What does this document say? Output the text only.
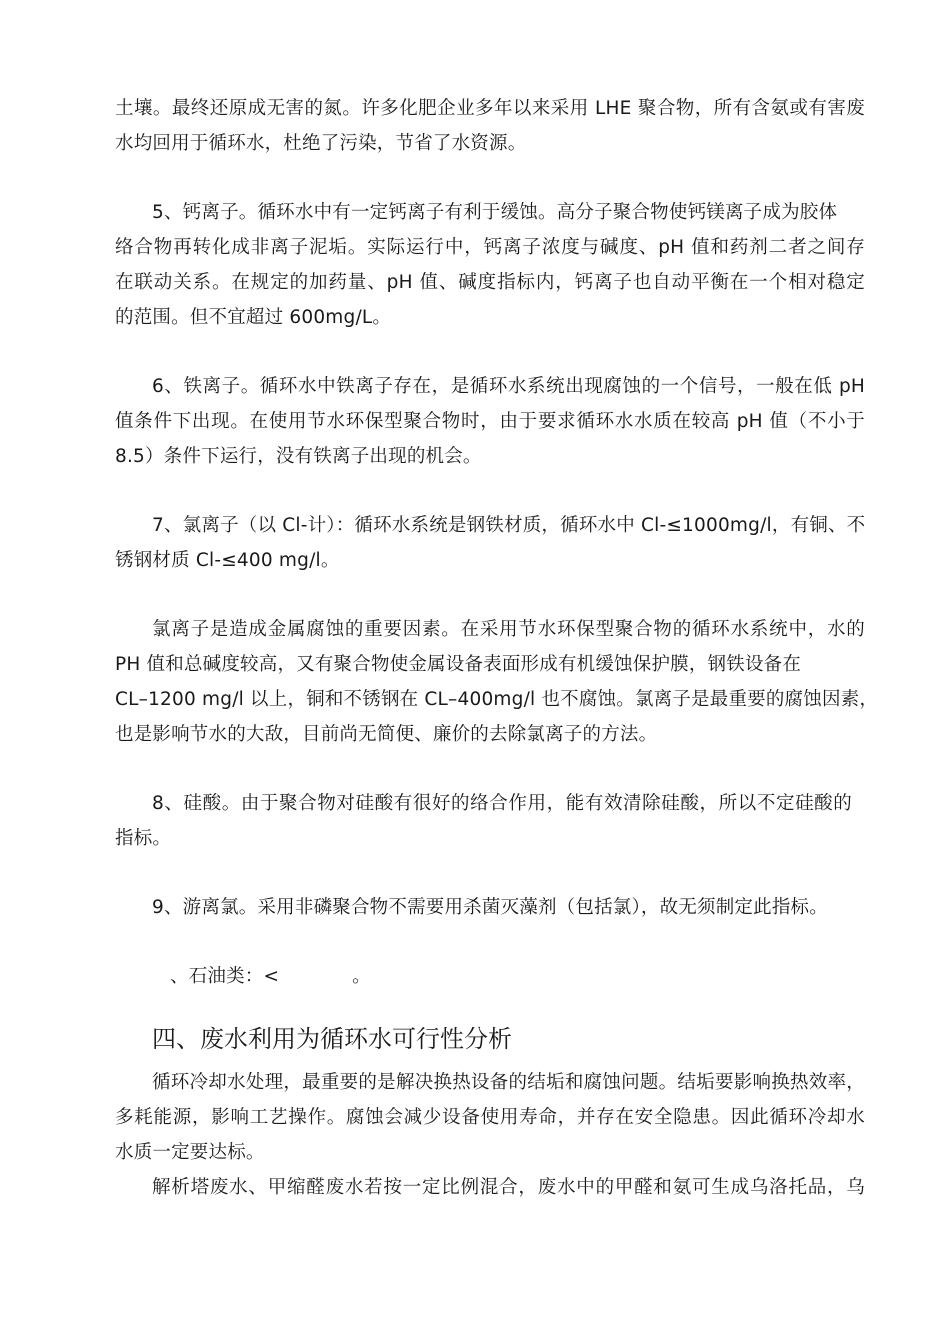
土壤。最终还原成无害的氮。许多化肥企业多年以来采用 LHE 聚合物，所有含氨或有害废
水均回用于循环水，杜绝了污染，节省了水资源。
5、钙离子。循环水中有一定钙离子有利于缓蚀。高分子聚合物使钙镁离子成为胶体
络合物再转化成非离子泥垢。实际运行中，钙离子浓度与碱度、pH 值和药剂二者之间存
在联动关系。在规定的加药量、pH 值、碱度指标内，钙离子也自动平衡在一个相对稳定
的范围。但不宜超过 600mg/L。
6、铁离子。循环水中铁离子存在，是循环水系统出现腐蚀的一个信号，一般在低 pH
值条件下出现。在使用节水环保型聚合物时，由于要求循环水水质在较高 pH 值（不小于
8.5）条件下运行，没有铁离子出现的机会。
7、氯离子（以 Cl-计）：循环水系统是钢铁材质，循环水中 Cl-≤1000mg/l，有铜、不
锈钢材质 Cl-≤400 mg/l。
氯离子是造成金属腐蚀的重要因素。在采用节水环保型聚合物的循环水系统中，水的
PH 值和总碱度较高，又有聚合物使金属设备表面形成有机缓蚀保护膜，钢铁设备在
CL–1200 mg/l 以上，铜和不锈钢在 CL–400mg/l 也不腐蚀。氯离子是最重要的腐蚀因素，
也是影响节水的大敌，目前尚无简便、廉价的去除氯离子的方法。
8、硅酸。由于聚合物对硅酸有很好的络合作用，能有效清除硅酸，所以不定硅酸的
指标。
9、游离氯。采用非磷聚合物不需要用杀菌灭藻剂（包括氯），故无须制定此指标。
、石油类：<            。
四、废水利用为循环水可行性分析
循环冷却水处理，最重要的是解决换热设备的结垢和腐蚀问题。结垢要影响换热效率，
多耗能源，影响工艺操作。腐蚀会减少设备使用寿命，并存在安全隐患。因此循环冷却水
水质一定要达标。
解析塔废水、甲缩醛废水若按一定比例混合，废水中的甲醛和氨可生成乌洛托品，乌
